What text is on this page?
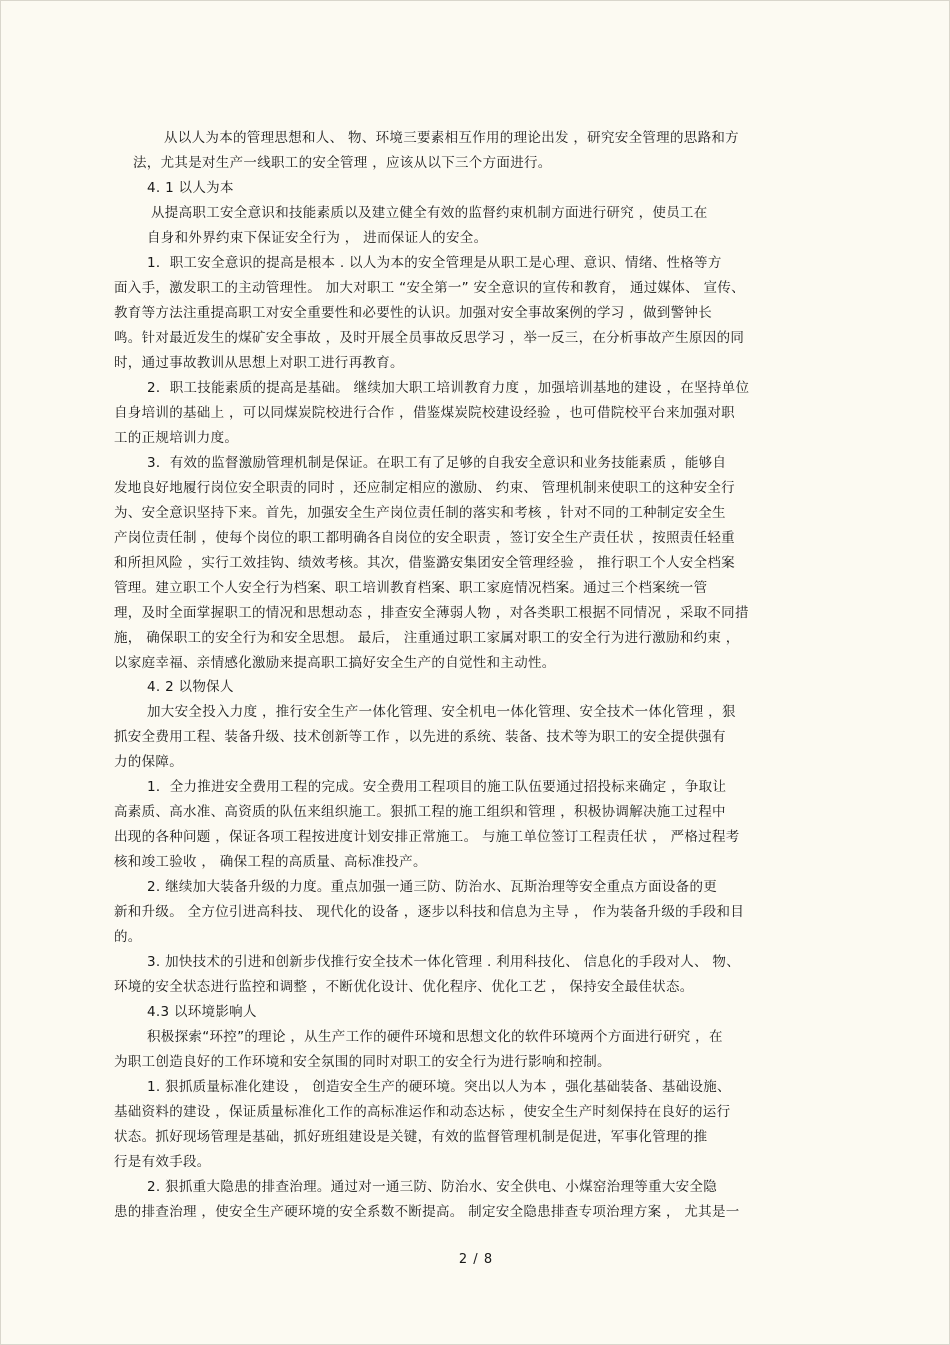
从以人为本的管理思想和人、 物、环境三要素相互作用的理论出发 ，研究安全管理的思路和方
法，尤其是对生产一线职工的安全管理 ，应该从以下三个方面进行。
4. 1 以人为本
从提高职工安全意识和技能素质以及建立健全有效的监督约束机制方面进行研究 ，使员工在
自身和外界约束下保证安全行为 ， 进而保证人的安全。
1．职工安全意识的提高是根本 . 以人为本的安全管理是从职工是心理、意识、情绪、性格等方
面入手，激发职工的主动管理性。 加大对职工 “安全第一” 安全意识的宣传和教育， 通过媒体、 宣传、
教育等方法注重提高职工对安全重要性和必要性的认识。加强对安全事故案例的学习 ，做到警钟长
鸣。针对最近发生的煤矿安全事故 ，及时开展全员事故反思学习 ，举一反三，在分析事故产生原因的同
时，通过事故教训从思想上对职工进行再教育。
2．职工技能素质的提高是基础。 继续加大职工培训教育力度 ，加强培训基地的建设 ，在坚持单位
自身培训的基础上 ，可以同煤炭院校进行合作 ，借鉴煤炭院校建设经验 ，也可借院校平台来加强对职
工的正规培训力度。
3．有效的监督激励管理机制是保证。在职工有了足够的自我安全意识和业务技能素质 ，能够自
发地良好地履行岗位安全职责的同时 ，还应制定相应的激励、 约束、 管理机制来使职工的这种安全行
为、安全意识坚持下来。首先，加强安全生产岗位责任制的落实和考核 ，针对不同的工种制定安全生
产岗位责任制 ，使每个岗位的职工都明确各自岗位的安全职责 ，签订安全生产责任状 ，按照责任轻重
和所担风险 ，实行工效挂钩、绩效考核。其次，借鉴潞安集团安全管理经验 ， 推行职工个人安全档案
管理。建立职工个人安全行为档案、职工培训教育档案、职工家庭情况档案。通过三个档案统一管
理，及时全面掌握职工的情况和思想动态 ，排查安全薄弱人物 ，对各类职工根据不同情况 ，采取不同措
施， 确保职工的安全行为和安全思想。 最后， 注重通过职工家属对职工的安全行为进行激励和约束 ，
以家庭幸福、亲情感化激励来提高职工搞好安全生产的自觉性和主动性。
4. 2 以物保人
加大安全投入力度 ，推行安全生产一体化管理、安全机电一体化管理、安全技术一体化管理 ，狠
抓安全费用工程、装备升级、技术创新等工作 ，以先进的系统、装备、技术等为职工的安全提供强有
力的保障。
1．全力推进安全费用工程的完成。安全费用工程项目的施工队伍要通过招投标来确定 ，争取让
高素质、高水准、高资质的队伍来组织施工。狠抓工程的施工组织和管理 ，积极协调解决施工过程中
出现的各种问题 ，保证各项工程按进度计划安排正常施工。 与施工单位签订工程责任状 ， 严格过程考
核和竣工验收 ， 确保工程的高质量、高标准投产。
2. 继续加大装备升级的力度。重点加强一通三防、防治水、瓦斯治理等安全重点方面设备的更
新和升级。 全方位引进高科技、 现代化的设备 ，逐步以科技和信息为主导 ， 作为装备升级的手段和目
的。
3. 加快技术的引进和创新步伐推行安全技术一体化管理 . 利用科技化、 信息化的手段对人、 物、
环境的安全状态进行监控和调整 ，不断优化设计、优化程序、优化工艺 ， 保持安全最佳状态。
4.3 以环境影响人
积极探索“环控”的理论 ，从生产工作的硬件环境和思想文化的软件环境两个方面进行研究 ，在
为职工创造良好的工作环境和安全氛围的同时对职工的安全行为进行影响和控制。
1. 狠抓质量标准化建设 ， 创造安全生产的硬环境。突出以人为本 ，强化基础装备、基础设施、
基础资料的建设 ，保证质量标准化工作的高标准运作和动态达标 ，使安全生产时刻保持在良好的运行
状态。抓好现场管理是基础，抓好班组建设是关键，有效的监督管理机制是促进，军事化管理的推
行是有效手段。
2. 狠抓重大隐患的排查治理。通过对一通三防、防治水、安全供电、小煤窑治理等重大安全隐
患的排查治理 ，使安全生产硬环境的安全系数不断提高。 制定安全隐患排查专项治理方案 ， 尤其是一
2 / 8
